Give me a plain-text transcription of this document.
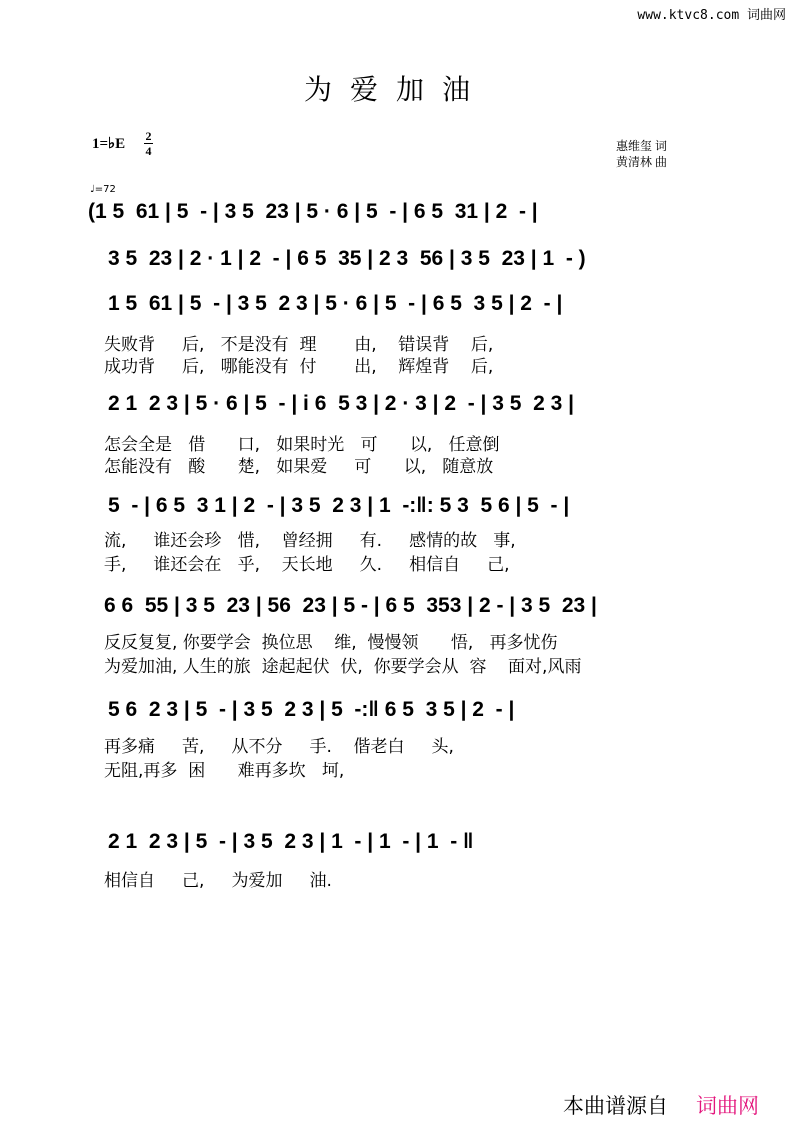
www.ktvc8.com 词曲网
为爱加油
1=♭E 2
4	惠维玺 词
黄清林 曲
♩=72
(1 5  61 | 5  - | 3 5  23 | 5 · 6 | 5  - | 6 5  31 | 2  - |
3 5  23 | 2 · 1 | 2  - | 6 5  35 | 2 3  56 | 3 5  23 | 1  - )
1 5  61 | 5  - | 3 5  2 3 | 5 · 6 | 5  - | 6 5  3 5 | 2  - |
失败背     后,   不是没有  理       由,    错误背    后,
成功背     后,   哪能没有  付       出,    辉煌背    后,
2 1  2 3 | 5 · 6 | 5  - | i 6  5 3 | 2 · 3 | 2  - | 3 5  2 3 |
怎会全是   借      口,   如果时光   可      以,   任意倒
怎能没有   酸      楚,   如果爱     可      以,   随意放
5  - | 6 5  3 1 | 2  - | 3 5  2 3 | 1  -:‖: 5 3  5 6 | 5  - |
流,     谁还会珍   惜,    曾经拥     有.     感情的故   事,
手,     谁还会在   乎,    天长地     久.     相信自     己,
6 6  55 | 3 5  23 | 56  23 | 5 - | 6 5  353 | 2 - | 3 5  23 |
反反复复, 你要学会  换位思    维,  慢慢领      悟,   再多忧伤
为爱加油, 人生的旅  途起起伏  伏,  你要学会从  容    面对,风雨
5 6  2 3 | 5  - | 3 5  2 3 | 5  -:‖ 6 5  3 5 | 2  - |
再多痛     苦,     从不分     手.    偕老白     头,
无阻,再多  困      难再多坎   坷,
2 1  2 3 | 5  - | 3 5  2 3 | 1  - | 1  - | 1  - ‖
相信自     己,     为爱加     油.
本曲谱源自 词曲网
